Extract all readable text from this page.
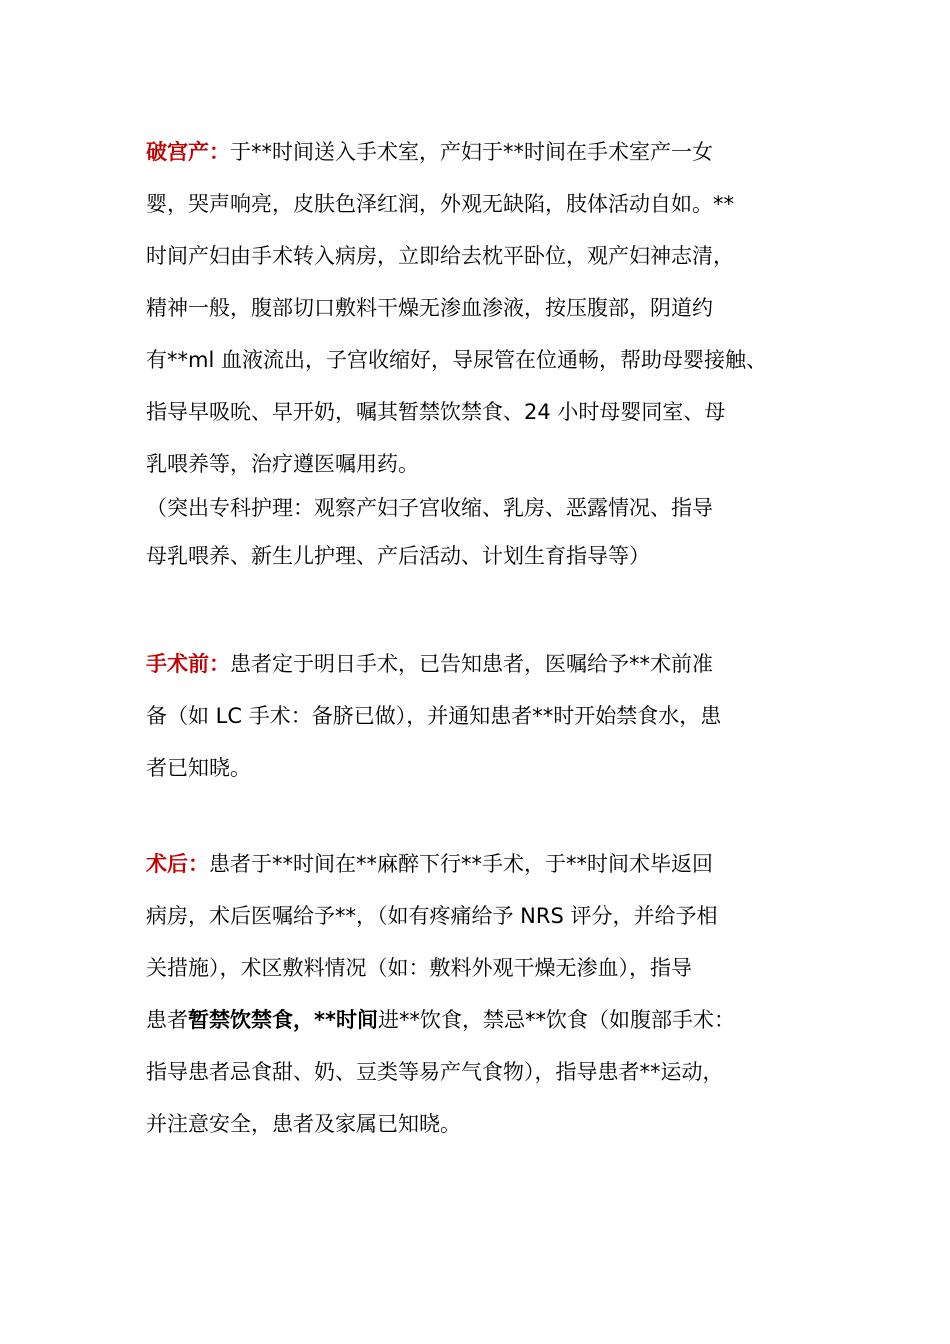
破宫产：于**时间送入手术室，产妇于**时间在手术室产一女
婴，哭声响亮，皮肤色泽红润，外观无缺陷，肢体活动自如。**
时间产妇由手术转入病房，立即给去枕平卧位，观产妇神志清，
精神一般，腹部切口敷料干燥无渗血渗液，按压腹部，阴道约
有**ml 血液流出，子宫收缩好，导尿管在位通畅，帮助母婴接触、
指导早吸吮、早开奶，嘱其暂禁饮禁食、24 小时母婴同室、母
乳喂养等，治疗遵医嘱用药。
（突出专科护理：观察产妇子宫收缩、乳房、恶露情况、指导
母乳喂养、新生儿护理、产后活动、计划生育指导等）
手术前：患者定于明日手术，已告知患者，医嘱给予**术前准
备（如 LC 手术：备脐已做），并通知患者**时开始禁食水，患
者已知晓。
术后：患者于**时间在**麻醉下行**手术，于**时间术毕返回
病房，术后医嘱给予**，（如有疼痛给予 NRS 评分，并给予相
关措施），术区敷料情况（如：敷料外观干燥无渗血），指导
患者暂禁饮禁食，**时间进**饮食，禁忌**饮食（如腹部手术：
指导患者忌食甜、奶、豆类等易产气食物），指导患者**运动，
并注意安全，患者及家属已知晓。
